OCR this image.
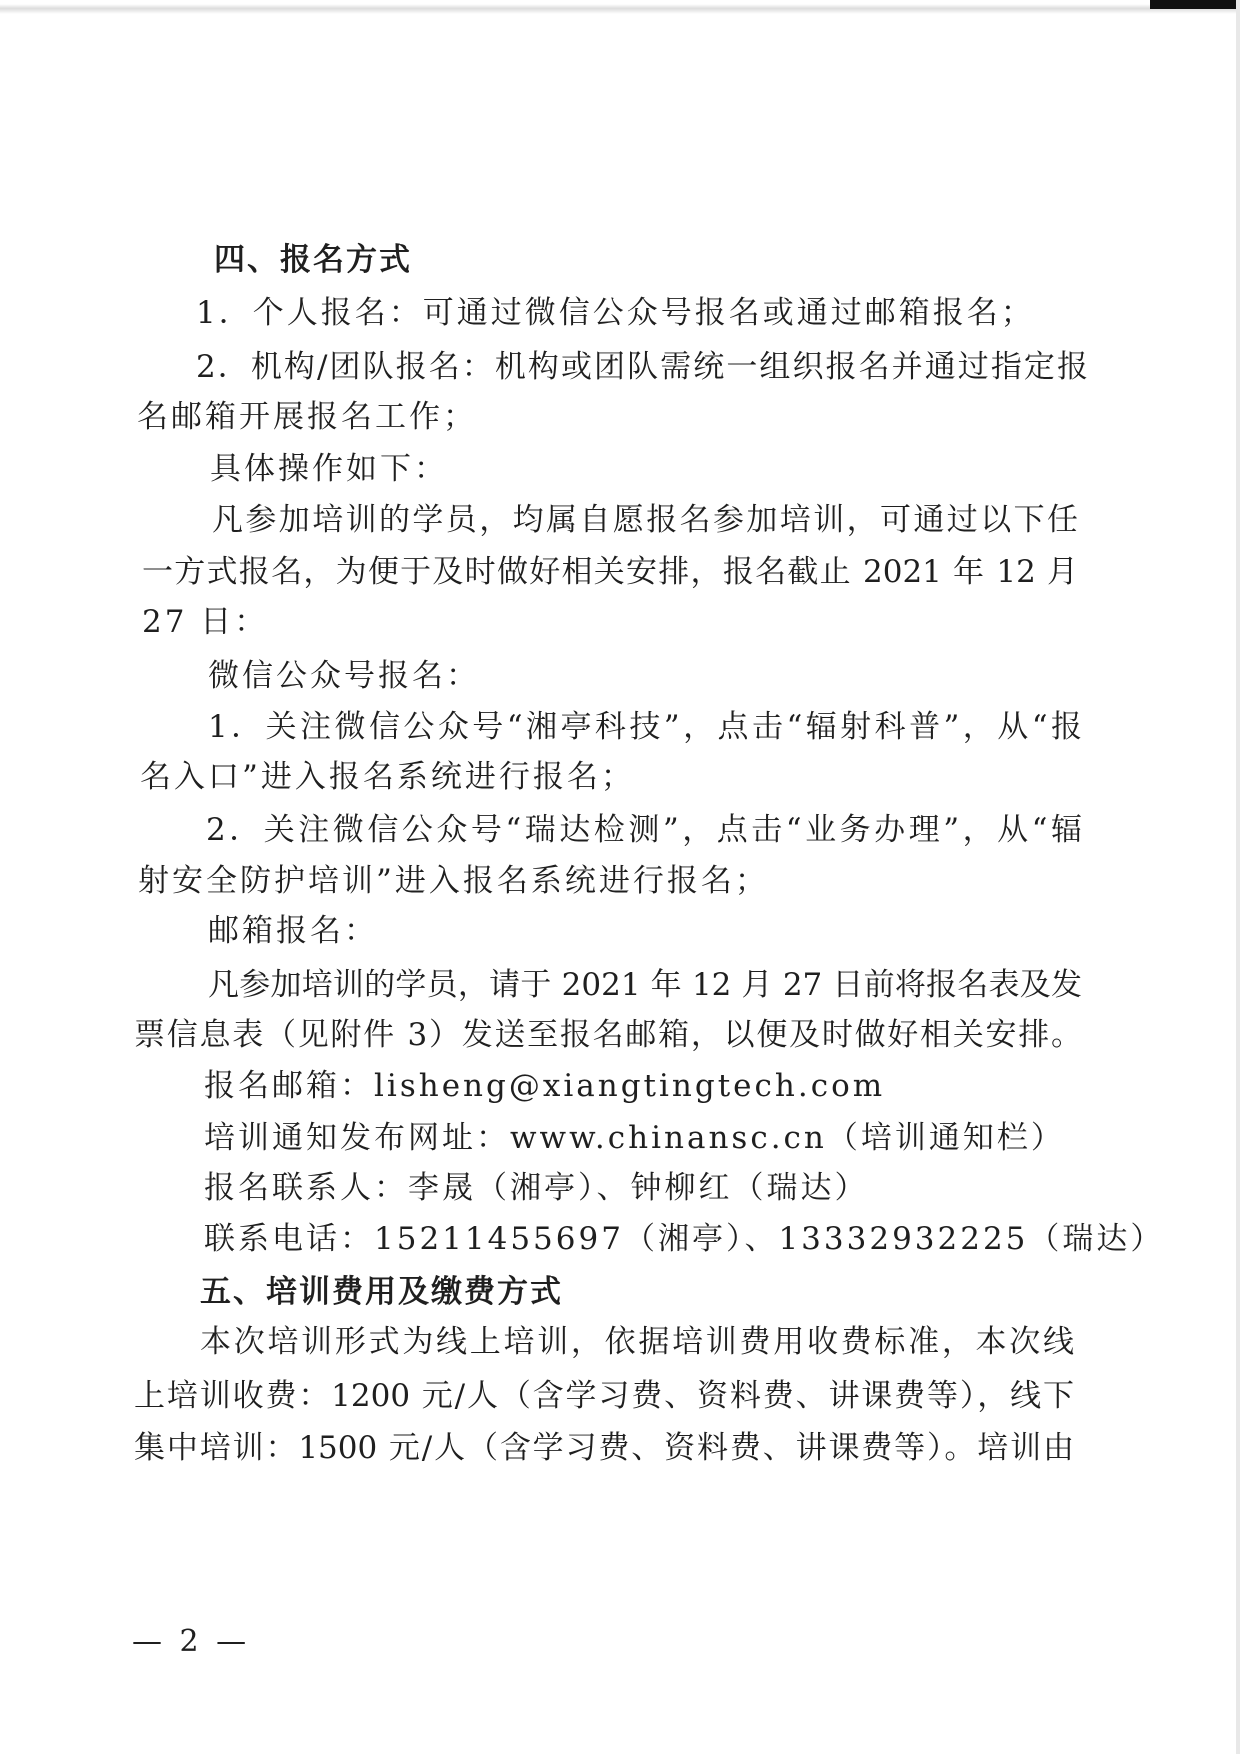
四、报名方式
1．个人报名：可通过微信公众号报名或通过邮箱报名；
2．机构/团队报名：机构或团队需统一组织报名并通过指定报
名邮箱开展报名工作；
具体操作如下：
凡参加培训的学员，均属自愿报名参加培训，可通过以下任
一方式报名，为便于及时做好相关安排，报名截止 2021 年 12 月
27 日：
微信公众号报名：
1．关注微信公众号“湘亭科技”，点击“辐射科普”，从“报
名入口”进入报名系统进行报名；
2．关注微信公众号“瑞达检测”，点击“业务办理”，从“辐
射安全防护培训”进入报名系统进行报名；
邮箱报名：
凡参加培训的学员，请于 2021 年 12 月 27 日前将报名表及发
票信息表（见附件 3）发送至报名邮箱，以便及时做好相关安排。
报名邮箱：lisheng@xiangtingtech.com
培训通知发布网址：www.chinansc.cn（培训通知栏）
报名联系人：李晟（湘亭）、钟柳红（瑞达）
联系电话：15211455697（湘亭）、13332932225（瑞达）
五、培训费用及缴费方式
本次培训形式为线上培训，依据培训费用收费标准，本次线
上培训收费：1200 元/人（含学习费、资料费、讲课费等），线下
集中培训：1500 元/人（含学习费、资料费、讲课费等）。培训由
— 2 —
